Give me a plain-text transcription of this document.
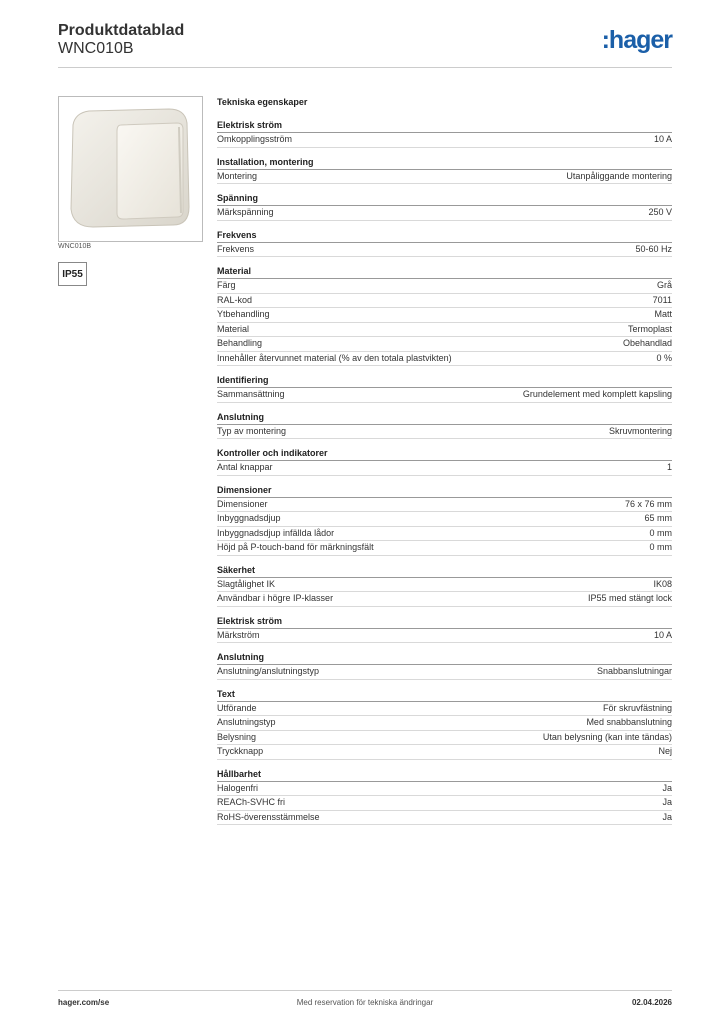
Produktdatablad
WNC010B	:hager
WNC010B
IP55
Tekniska egenskaper
Elektrisk ström
Omkopplingsström	10 A
Installation, montering
Montering	Utanpåliggande montering
Spänning
Märkspänning	250 V
Frekvens
Frekvens	50-60 Hz
Material
Färg	Grå
RAL-kod	7011
Ytbehandling	Matt
Material	Termoplast
Behandling	Obehandlad
Innehåller återvunnet material (% av den totala plastvikten)	0 %
Identifiering
Sammansättning	Grundelement med komplett kapsling
Anslutning
Typ av montering	Skruvmontering
Kontroller och indikatorer
Antal knappar	1
Dimensioner
Dimensioner	76 x 76 mm
Inbyggnadsdjup	65 mm
Inbyggnadsdjup infällda lådor	0 mm
Höjd på P-touch-band för märkningsfält	0 mm
Säkerhet
Slagtålighet IK	IK08
Användbar i högre IP-klasser	IP55 med stängt lock
Elektrisk ström
Märkström	10 A
Anslutning
Anslutning/anslutningstyp	Snabbanslutningar
Text
Utförande	För skruvfästning
Anslutningstyp	Med snabbanslutning
Belysning	Utan belysning (kan inte tändas)
Tryckknapp	Nej
Hållbarhet
Halogenfri	Ja
REACh-SVHC fri	Ja
RoHS-överensstämmelse	Ja
hager.com/se	Med reservation för tekniska ändringar	02.04.2026
